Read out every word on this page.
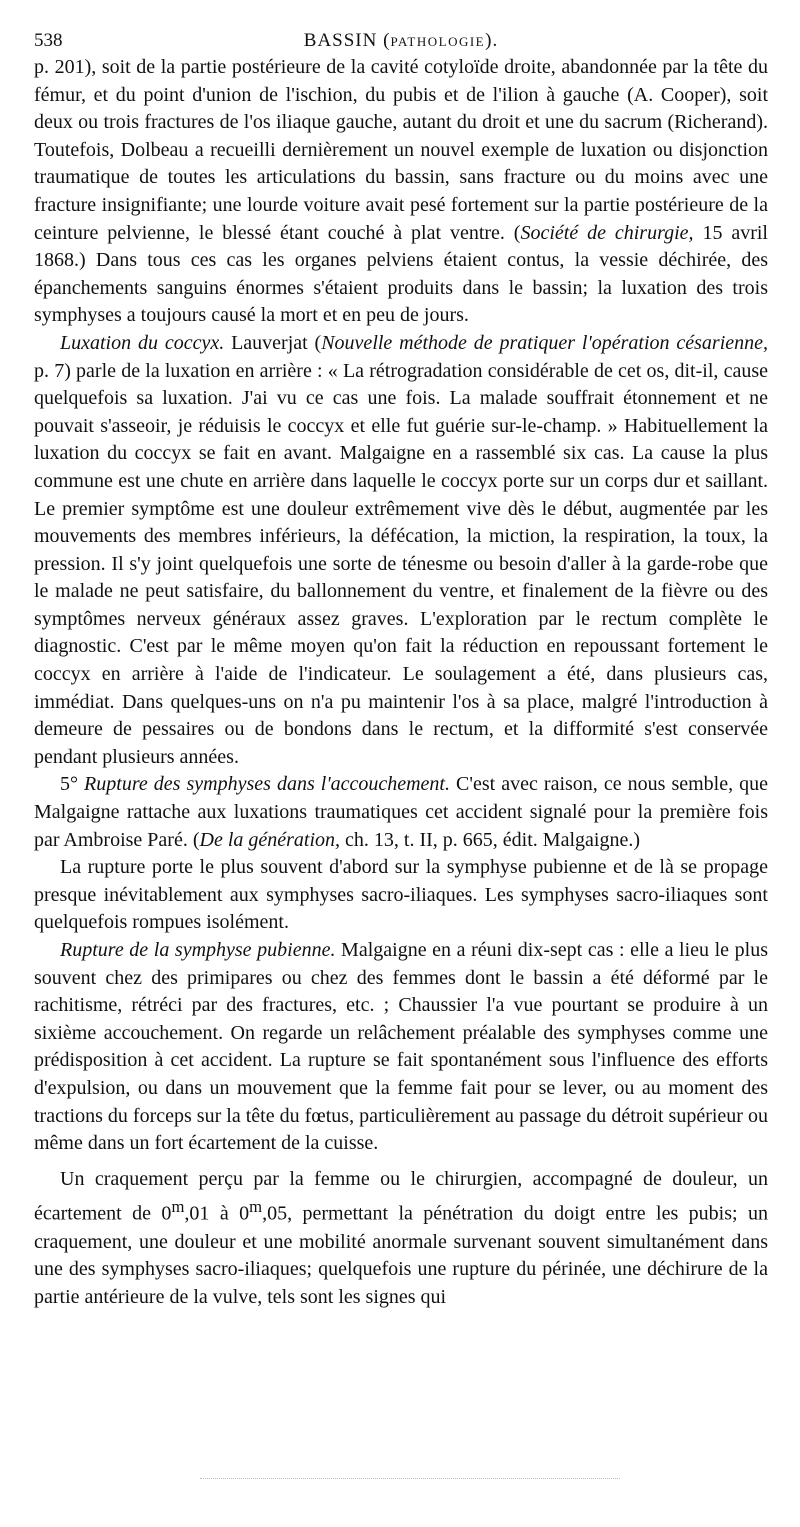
538	BASSIN (PATHOLOGIE).

p. 201), soit de la partie postérieure de la cavité cotyloïde droite, abandonnée par la tête du fémur, et du point d'union de l'ischion, du pubis et de l'ilion à gauche (A. Cooper), soit deux ou trois fractures de l'os iliaque gauche, autant du droit et une du sacrum (Richerand). Toutefois, Dolbeau a recueilli dernièrement un nouvel exemple de luxation ou disjonction traumatique de toutes les articulations du bassin, sans fracture ou du moins avec une fracture insignifiante; une lourde voiture avait pesé fortement sur la partie postérieure de la ceinture pelvienne, le blessé étant couché à plat ventre. (Société de chirurgie, 15 avril 1868.) Dans tous ces cas les organes pelviens étaient contus, la vessie déchirée, des épanchements sanguins énormes s'étaient produits dans le bassin; la luxation des trois symphyses a toujours causé la mort et en peu de jours.

Luxation du coccyx. Lauverjat (Nouvelle méthode de pratiquer l'opération césarienne, p. 7) parle de la luxation en arrière : « La rétrogradation considérable de cet os, dit-il, cause quelquefois sa luxation. J'ai vu ce cas une fois. La malade souffrait étonnement et ne pouvait s'asseoir, je réduisis le coccyx et elle fut guérie sur-le-champ. » Habituellement la luxation du coccyx se fait en avant. Malgaigne en a rassemblé six cas. La cause la plus commune est une chute en arrière dans laquelle le coccyx porte sur un corps dur et saillant. Le premier symptôme est une douleur extrêmement vive dès le début, augmentée par les mouvements des membres inférieurs, la défécation, la miction, la respiration, la toux, la pression. Il s'y joint quelquefois une sorte de ténesme ou besoin d'aller à la garde-robe que le malade ne peut satisfaire, du ballonnement du ventre, et finalement de la fièvre ou des symptômes nerveux généraux assez graves. L'exploration par le rectum complète le diagnostic. C'est par le même moyen qu'on fait la réduction en repoussant fortement le coccyx en arrière à l'aide de l'indicateur. Le soulagement a été, dans plusieurs cas, immédiat. Dans quelques-uns on n'a pu maintenir l'os à sa place, malgré l'introduction à demeure de pessaires ou de bondons dans le rectum, et la difformité s'est conservée pendant plusieurs années.

5° Rupture des symphyses dans l'accouchement. C'est avec raison, ce nous semble, que Malgaigne rattache aux luxations traumatiques cet accident signalé pour la première fois par Ambroise Paré. (De la génération, ch. 13, t. II, p. 665, édit. Malgaigne.)

La rupture porte le plus souvent d'abord sur la symphyse pubienne et de là se propage presque inévitablement aux symphyses sacro-iliaques. Les symphyses sacro-iliaques sont quelquefois rompues isolément.

Rupture de la symphyse pubienne. Malgaigne en a réuni dix-sept cas : elle a lieu le plus souvent chez des primipares ou chez des femmes dont le bassin a été déformé par le rachitisme, rétréci par des fractures, etc. ; Chaussier l'a vue pourtant se produire à un sixième accouchement. On regarde un relâchement préalable des symphyses comme une prédisposition à cet accident. La rupture se fait spontanément sous l'influence des efforts d'expulsion, ou dans un mouvement que la femme fait pour se lever, ou au moment des tractions du forceps sur la tête du fœtus, particulièrement au passage du détroit supérieur ou même dans un fort écartement de la cuisse.

Un craquement perçu par la femme ou le chirurgien, accompagné de douleur, un écartement de 0$^m$,01 à 0$^m$,05, permettant la pénétration du doigt entre les pubis; un craquement, une douleur et une mobilité anormale survenant souvent simultanément dans une des symphyses sacro-iliaques; quelquefois une rupture du périnée, une déchirure de la partie antérieure de la vulve, tels sont les signes qui
